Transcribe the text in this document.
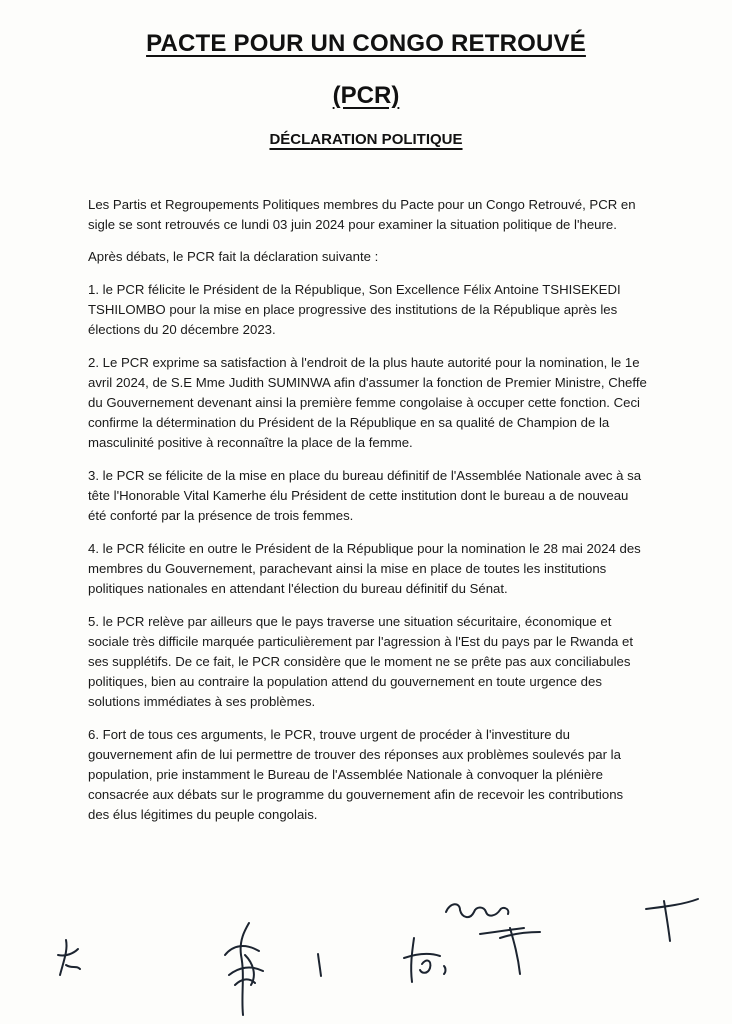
PACTE POUR UN CONGO RETROUVÉ
(PCR)
DÉCLARATION POLITIQUE

Les Partis et Regroupements Politiques membres du Pacte pour un Congo Retrouvé, PCR en sigle se sont retrouvés ce lundi 03 juin 2024 pour examiner la situation politique de l'heure.

Après débats, le PCR fait la déclaration suivante :

1. le PCR félicite le Président de la République, Son Excellence Félix Antoine TSHISEKEDI TSHILOMBO pour la mise en place progressive des institutions de la République après les élections du 20 décembre 2023.

2. Le PCR exprime sa satisfaction à l'endroit de la plus haute autorité pour la nomination, le 1e avril 2024, de S.E Mme Judith SUMINWA afin d'assumer la fonction de Premier Ministre, Cheffe du Gouvernement devenant ainsi la première femme congolaise à occuper cette fonction. Ceci confirme la détermination du Président de la République en sa qualité de Champion de la masculinité positive à reconnaître la place de la femme.

3. le PCR se félicite de la mise en place du bureau définitif de l'Assemblée Nationale avec à sa tête l'Honorable Vital Kamerhe élu Président de cette institution dont le bureau a de nouveau été conforté par la présence de trois femmes.

4. le PCR félicite en outre le Président de la République pour la nomination le 28 mai 2024 des membres du Gouvernement, parachevant ainsi la mise en place de toutes les institutions politiques nationales en attendant l'élection du bureau définitif du Sénat.

5. le PCR relève par ailleurs que le pays traverse une situation sécuritaire, économique et sociale très difficile marquée particulièrement par l'agression à l'Est du pays par le Rwanda et ses supplétifs. De ce fait, le PCR considère que le moment ne se prête pas aux conciliabules politiques, bien au contraire la population attend du gouvernement en toute urgence des solutions immédiates à ses problèmes.

6. Fort de tous ces arguments, le PCR, trouve urgent de procéder à l'investiture du gouvernement afin de lui permettre de trouver des réponses aux problèmes soulevés par la population, prie instamment le Bureau de l'Assemblée Nationale à convoquer la plénière consacrée aux débats sur le programme du gouvernement afin de recevoir les contributions des élus légitimes du peuple congolais.
